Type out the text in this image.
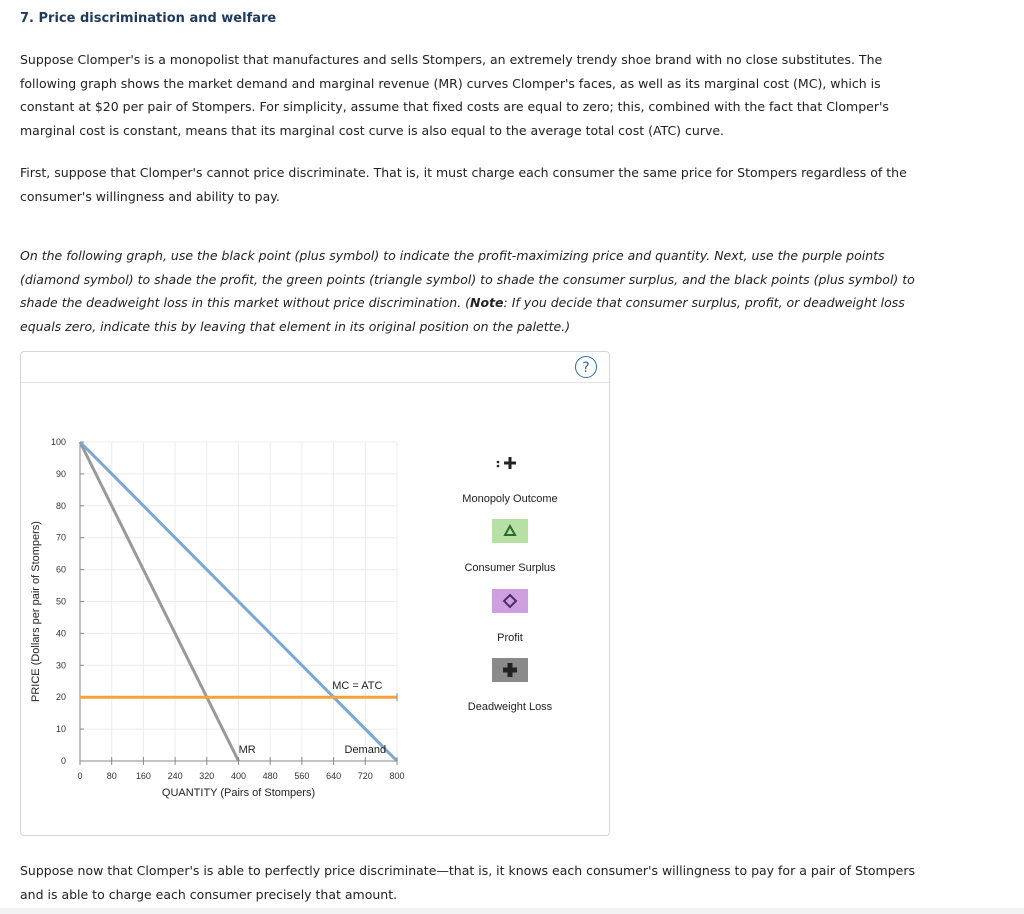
7. Price discrimination and welfare

Suppose Clomper's is a monopolist that manufactures and sells Stompers, an extremely trendy shoe brand with no close substitutes. The following graph shows the market demand and marginal revenue (MR) curves Clomper's faces, as well as its marginal cost (MC), which is constant at $20 per pair of Stompers. For simplicity, assume that fixed costs are equal to zero; this, combined with the fact that Clomper's marginal cost is constant, means that its marginal cost curve is also equal to the average total cost (ATC) curve.

First, suppose that Clomper's cannot price discriminate. That is, it must charge each consumer the same price for Stompers regardless of the consumer's willingness and ability to pay.

On the following graph, use the black point (plus symbol) to indicate the profit-maximizing price and quantity. Next, use the purple points (diamond symbol) to shade the profit, the green points (triangle symbol) to shade the consumer surplus, and the black points (plus symbol) to shade the deadweight loss in this market without price discrimination. (Note: If you decide that consumer surplus, profit, or deadweight loss equals zero, indicate this by leaving that element in its original position on the palette.)

?
0
10
20
30
40
50
60
70
80
90
100
0	80 160 240 320 400 480 560 640 720 800
QUANTITY (Pairs of Stompers)
PRICE (Dollars per pair of Stompers)
Demand
MR
MC = ATC
Monopoly Outcome
Consumer Surplus
Profit
Deadweight Loss

Suppose now that Clomper's is able to perfectly price discriminate—that is, it knows each consumer's willingness to pay for a pair of Stompers and is able to charge each consumer precisely that amount.
